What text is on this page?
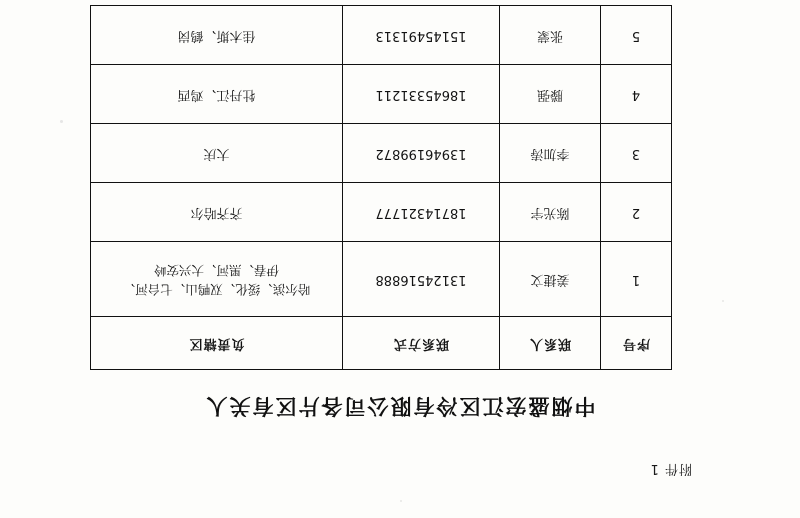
附件 1
中烟盛宏江区冷有限公司各片区有关人
序号	联系人	联系方式	负责辖区
1	姜捷文	13124516888	哈尔滨、绥化、双鸭山、七台河、
伊春、黑河、大兴安岭

2	陈光宇	18714321777	齐齐哈尔
3	李加涛	13946199872	大庆
4	滕强	18645331211	牡丹江、鸡西
5	张蒙	15145491313	佳木斯、鹤岗
